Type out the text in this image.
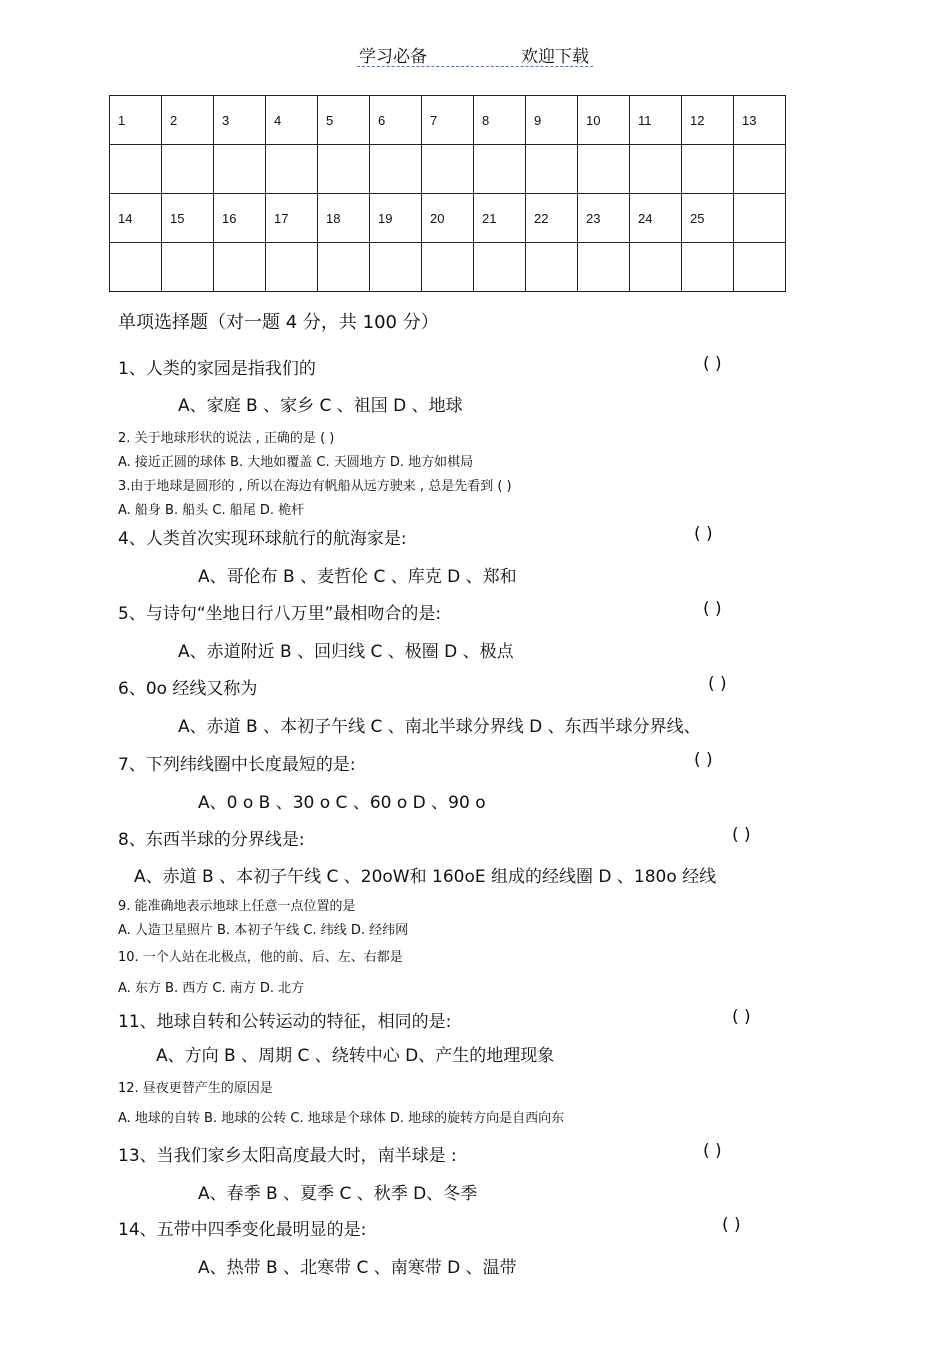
学习必备	欢迎下载
1	2	3	4	5	6	7	8	9	10	11	12	13

14	15	16	17	18	19	20	21	22	23	24	25	

单项选择题（对一题 4 分，共 100 分）
1、人类的家园是指我们的	( )
A、家庭 B 、家乡 C 、祖国 D 、地球
2. 关于地球形状的说法 , 正确的是 ( )
A. 接近正圆的球体 B. 大地如覆盖 C. 天圆地方 D. 地方如棋局
3.由于地球是圆形的 , 所以在海边有帆船从远方驶来 , 总是先看到 ( )
A. 船身 B. 船头 C. 船尾 D. 桅杆
4、人类首次实现环球航行的航海家是:	( )
A、哥伦布 B 、麦哲伦 C 、库克 D 、郑和
5、与诗句“坐地日行八万里”最相吻合的是:	( )
A、赤道附近 B 、回归线 C 、极圈 D 、极点
6、0o 经线又称为	( )
A、赤道 B 、本初子午线 C 、南北半球分界线 D 、东西半球分界线、
7、下列纬线圈中长度最短的是:	( )
A、0 o B 、30 o C 、60 o D 、90 o
8、东西半球的分界线是:	( )
A、赤道 B 、本初子午线 C 、20oW和 160oE 组成的经线圈 D 、180o 经线
9. 能准确地表示地球上任意一点位置的是
A. 人造卫星照片 B. 本初子午线 C. 纬线 D. 经纬网
10. 一个人站在北极点，他的前、后、左、右都是
A. 东方 B. 西方 C. 南方 D. 北方
11、地球自转和公转运动的特征，相同的是:	( )
A、方向 B 、周期 C 、绕转中心 D、产生的地理现象
12. 昼夜更替产生的原因是
A. 地球的自转 B. 地球的公转 C. 地球是个球体 D. 地球的旋转方向是自西向东
13、当我们家乡太阳高度最大时，南半球是 :	( )
A、春季 B 、夏季 C 、秋季 D、冬季
14、五带中四季变化最明显的是:	( )
A、热带 B 、北寒带 C 、南寒带 D 、温带
